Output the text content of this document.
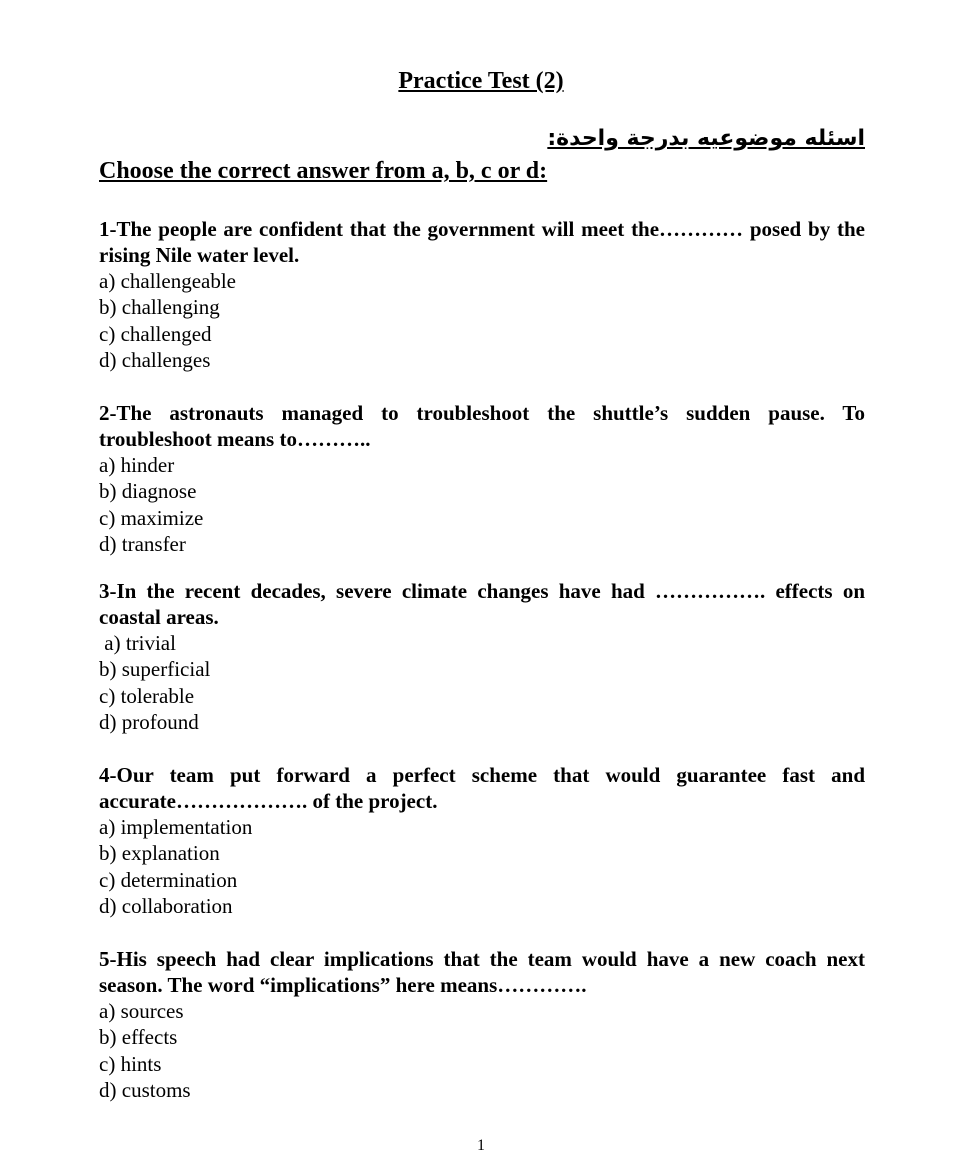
Practice Test (2)
اسئله موضوعيه بدرجة واحدة:
Choose the correct answer from a, b, c or d:
1-The people are confident that the government will meet the………… posed by the rising Nile water level.
a) challengeable
b) challenging
c) challenged
d) challenges
2-The astronauts managed to troubleshoot the shuttle’s sudden pause. To troubleshoot means to………..
a) hinder
b) diagnose
c) maximize
d) transfer
3-In the recent decades, severe climate changes have had ……………. effects on coastal areas.
a) trivial
b) superficial
c) tolerable
d) profound
4-Our team put forward a perfect scheme that would guarantee fast and accurate………………. of the project.
a) implementation
b) explanation
c) determination
d) collaboration
5-His speech had clear implications that the team would have a new coach next season. The word “implications” here means………….
a) sources
b) effects
c) hints
d) customs
1
